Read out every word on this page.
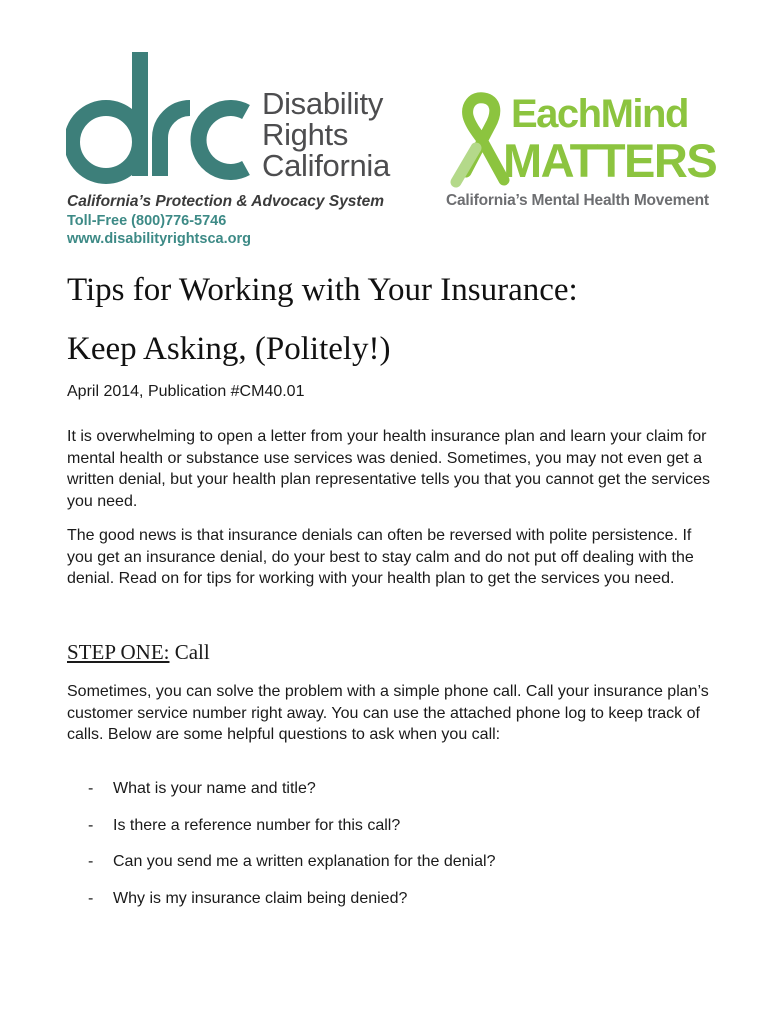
Disability
Rights
California
California’s Protection & Advocacy System
Toll-Free (800)776-5746
www.disabilityrightsca.org
EachMind
MATTERS
California’s Mental Health Movement
Tips for Working with Your Insurance:
Keep Asking, (Politely!)

April 2014, Publication #CM40.01

It is overwhelming to open a letter from your health insurance plan and learn your claim for mental health or substance use services was denied. Sometimes, you may not even get a written denial, but your health plan representative tells you that you cannot get the services you need.

The good news is that insurance denials can often be reversed with polite persistence. If you get an insurance denial, do your best to stay calm and do not put off dealing with the denial. Read on for tips for working with your health plan to get the services you need.

STEP ONE: Call

Sometimes, you can solve the problem with a simple phone call. Call your insurance plan’s customer service number right away. You can use the attached phone log to keep track of calls. Below are some helpful questions to ask when you call:

- What is your name and title?
- Is there a reference number for this call?
- Can you send me a written explanation for the denial?
- Why is my insurance claim being denied?
